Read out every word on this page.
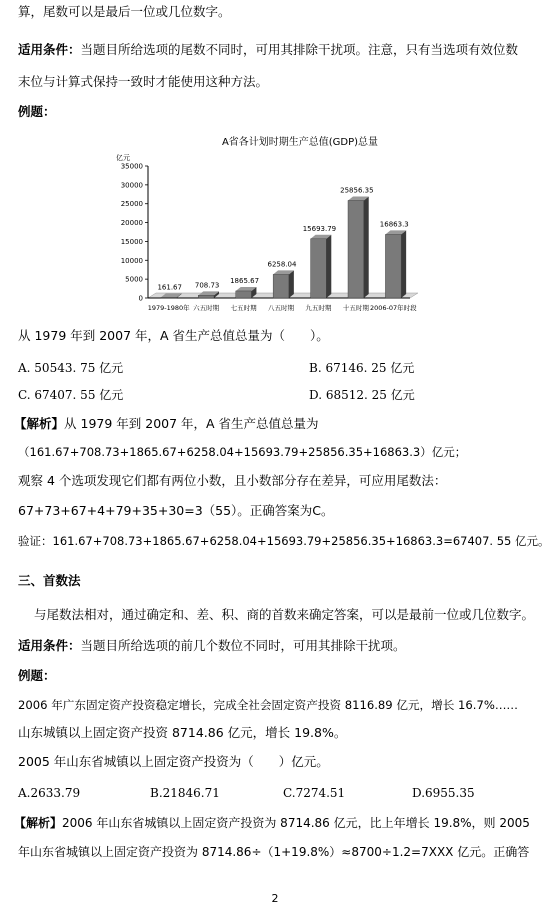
算，尾数可以是最后一位或几位数字。
适用条件：当题目所给选项的尾数不同时，可用其排除干扰项。注意，只有当选项有效位数
末位与计算式保持一致时才能使用这种方法。
例题：
A省各计划时期生产总值(GDP)总量
亿元
0
5000
10000
15000
20000
25000
30000
35000
161.67
1979-1980年
708.73
六五时期
1865.67
七五时期
6258.04
八五时期
15693.79
九五时期
25856.35
十五时期
16863.3
2006-07年时段
从 1979 年到 2007 年，A 省生产总值总量为（　　）。
A. 50543. 75 亿元	B. 67146. 25 亿元
C. 67407. 55 亿元	D. 68512. 25 亿元
【解析】从 1979 年到 2007 年，A 省生产总值总量为
（161.67+708.73+1865.67+6258.04+15693.79+25856.35+16863.3）亿元；
观察 4 个选项发现它们都有两位小数，且小数部分存在差异，可应用尾数法：
67+73+67+4+79+35+30=3（55）。正确答案为C。
验证：161.67+708.73+1865.67+6258.04+15693.79+25856.35+16863.3=67407. 55 亿元。
三、首数法
与尾数法相对，通过确定和、差、积、商的首数来确定答案，可以是最前一位或几位数字。
适用条件：当题目所给选项的前几个数位不同时，可用其排除干扰项。
例题：
2006 年广东固定资产投资稳定增长，完成全社会固定资产投资 8116.89 亿元，增长 16.7%……
山东城镇以上固定资产投资 8714.86 亿元，增长 19.8%。
2005 年山东省城镇以上固定资产投资为（　　）亿元。
A.2633.79	B.21846.71	C.7274.51	D.6955.35
【解析】2006 年山东省城镇以上固定资产投资为 8714.86 亿元，比上年增长 19.8%，则 2005
年山东省城镇以上固定资产投资为 8714.86÷（1+19.8%）≈8700÷1.2=7XXX 亿元。正确答
2
